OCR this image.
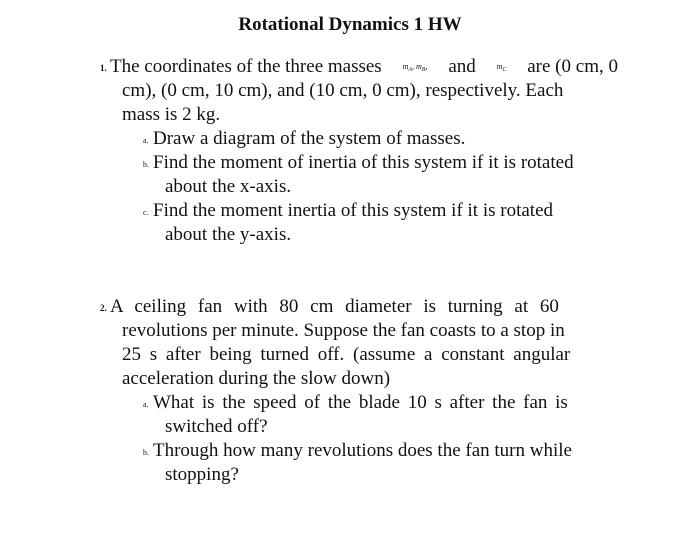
Rotational Dynamics 1 HW
1. The coordinates of the three masses	$^mA^{, m}B^,$ and	$^m$C are (0 cm, 0
cm), (0 cm, 10 cm), and (10 cm, 0 cm), respectively. Each
mass is 2 kg.
a. Draw a diagram of the system of masses.
b. Find the moment of inertia of this system if it is rotated
about the x-axis.
c. Find the moment inertia of this system if it is rotated
about the y-axis.
2. A ceiling fan with 80 cm diameter is turning at 60
revolutions per minute. Suppose the fan coasts to a stop in
25 s after being turned off. (assume a constant angular
acceleration during the slow down)
a. What is the speed of the blade 10 s after the fan is
switched off?
b. Through how many revolutions does the fan turn while
stopping?
